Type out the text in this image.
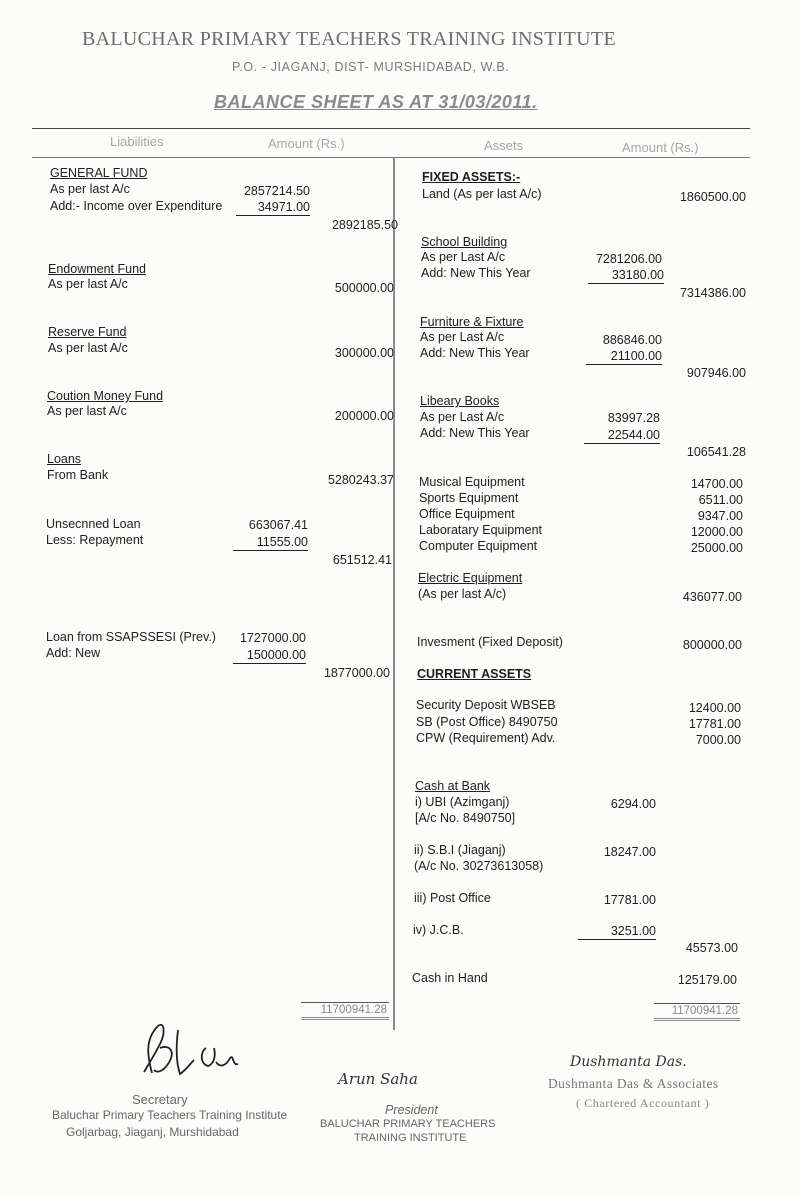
BALUCHAR PRIMARY TEACHERS TRAINING INSTITUTE
P.O. - JIAGANJ, DIST- MURSHIDABAD, W.B.
BALANCE SHEET AS AT 31/03/2011.
Liabilities	Amount (Rs.)	Assets	Amount (Rs.)
GENERAL FUND
As per last A/c	2857214.50
Add:- Income over Expenditure	34971.00
2892185.50
Endowment Fund
As per last A/c	500000.00
Reserve Fund
As per last A/c	300000.00
Coution Money Fund
As per last A/c	200000.00
Loans
From Bank	5280243.37
Unsecnned Loan	663067.41
Less: Repayment	11555.00
651512.41
Loan from SSAPSSESI (Prev.)	1727000.00
Add: New	150000.00
1877000.00
11700941.28
FIXED ASSETS:-
Land (As per last A/c)	1860500.00
School Building
As per Last A/c	7281206.00
Add: New This Year	33180.00
7314386.00
Furniture & Fixture
As per Last A/c	886846.00
Add: New This Year	21100.00
907946.00
Libeary Books
As per Last A/c	83997.28
Add: New This Year	22544.00
106541.28
Musical Equipment	14700.00
Sports Equipment	6511.00
Office Equipment	9347.00
Laboratary Equipment	12000.00
Computer Equipment	25000.00
Electric Equipment
(As per last A/c)	436077.00
Invesment (Fixed Deposit)	800000.00
CURRENT ASSETS
Security Deposit WBSEB	12400.00
SB (Post Office) 8490750	17781.00
CPW (Requirement) Adv.	7000.00
Cash at Bank
i) UBI (Azimganj)
[A/c No. 8490750]
6294.00
ii) S.B.I (Jiaganj)
(A/c No. 30273613058)
18247.00
iii) Post Office	17781.00
iv) J.C.B.	3251.00
45573.00
Cash in Hand	125179.00
11700941.28
Secretary
Baluchar Primary Teachers Training Institute
Goljarbag, Jiaganj, Murshidabad
Arun Saha
President
BALUCHAR PRIMARY TEACHERS
TRAINING INSTITUTE
Dushmanta Das.
Dushmanta Das & Associates
( Chartered Accountant )
